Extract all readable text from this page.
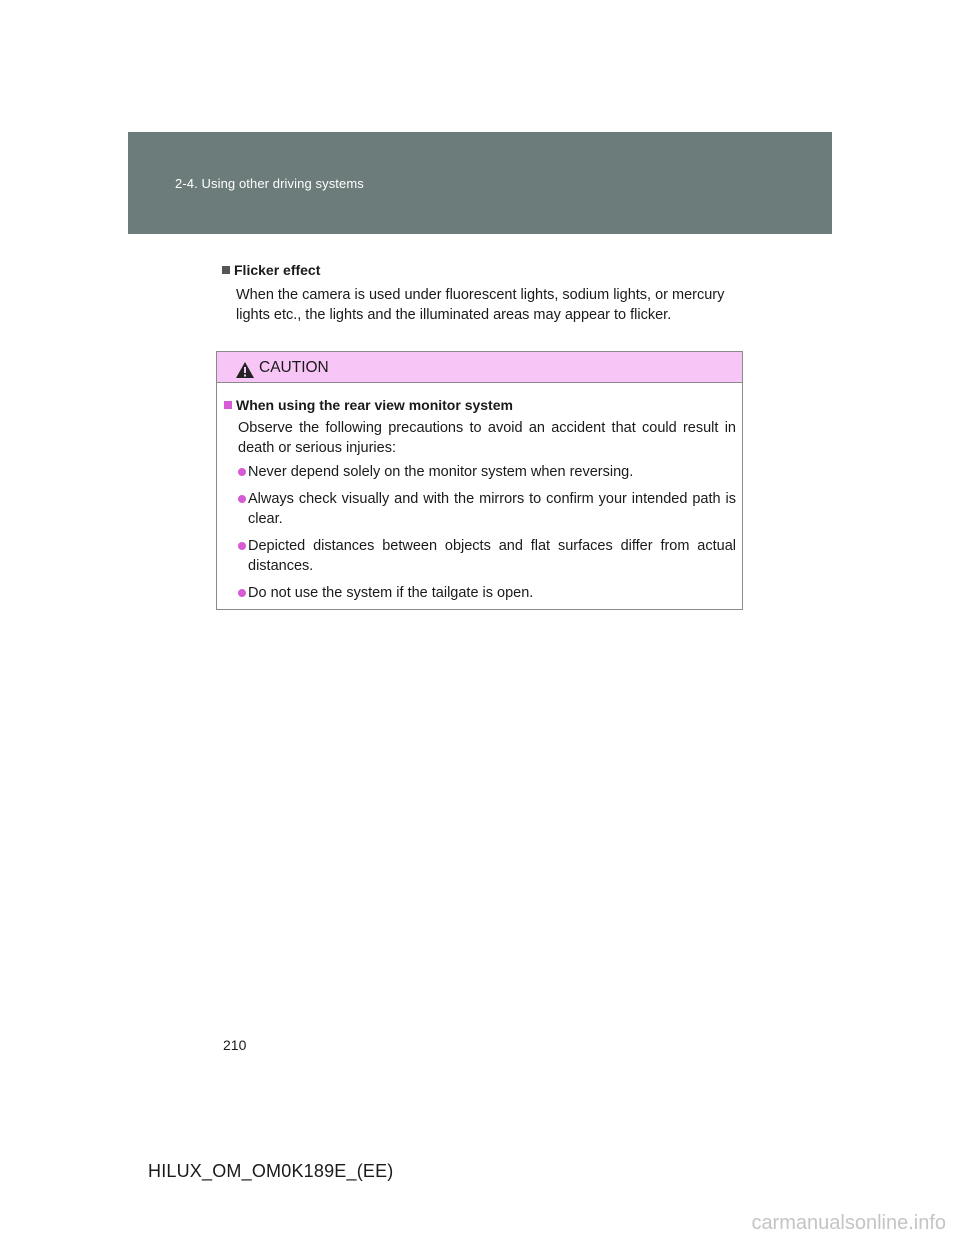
2-4. Using other driving systems

Flicker effect

When the camera is used under fluorescent lights, sodium lights, or mercury lights etc., the lights and the illuminated areas may appear to flicker.

CAUTION

When using the rear view monitor system

Observe the following precautions to avoid an accident that could result in death or serious injuries:

Never depend solely on the monitor system when reversing.
Always check visually and with the mirrors to confirm your intended path is clear.
Depicted distances between objects and flat surfaces differ from actual distances.
Do not use the system if the tailgate is open.
210
HILUX_OM_OM0K189E_(EE)
carmanualsonline.info
